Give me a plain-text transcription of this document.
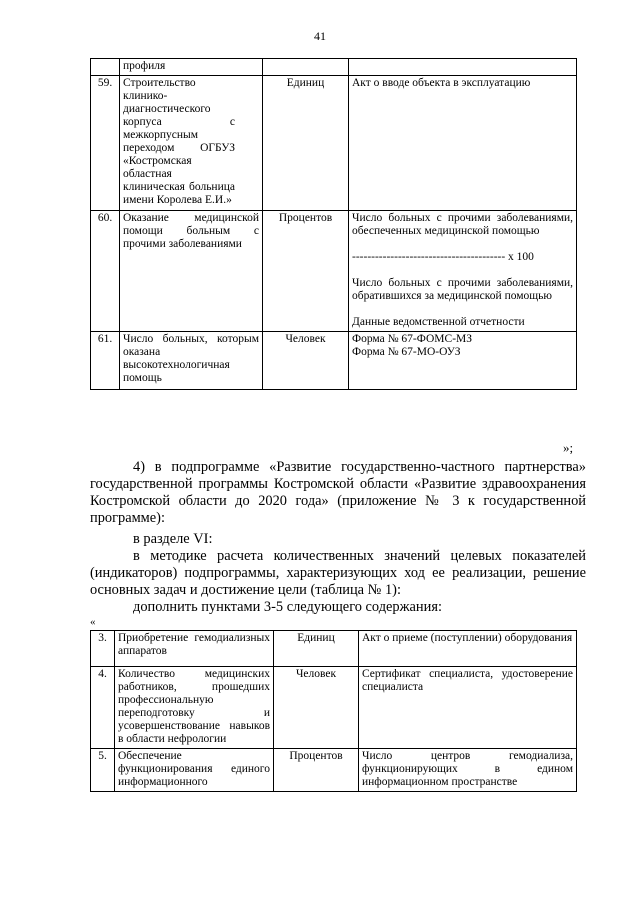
41
	профиля		
59.	Строительство клинико-диагностического корпуса с межкорпусным переходом ОГБУЗ «Костромская областная клиническая больница имени Королева Е.И.»	Единиц	Акт о вводе объекта в эксплуатацию

60.	Оказание медицинской помощи больным с прочими заболеваниями	Процентов	Число больных с прочими заболеваниями, обеспеченных медицинской помощью
---------------------------------------- x 100
Число больных с прочими заболеваниями, обратившихся за медицинской помощью
Данные ведомственной отчетности

61.	Число больных, которым оказана высокотехнологичная помощь	Человек	Форма № 67-ФОМС-МЗ
Форма № 67-МО-ОУЗ
»;
4) в подпрограмме «Развитие государственно-частного партнерства» государственной программы Костромской области «Развитие здравоохранения Костромской области до 2020 года» (приложение № 3 к государственной программе):
в разделе VI:
в методике расчета количественных значений целевых показателей (индикаторов) подпрограммы, характеризующих ход ее реализации, решение основных задач и достижение цели (таблица № 1):
дополнить пунктами 3-5 следующего содержания:
«
3.	Приобретение гемодиализных аппаратов	Единиц	Акт о приеме (поступлении) оборудования
4.	Количество медицинских работников, прошедших профессиональную переподготовку и усовершенствование навыков в области нефрологии	Человек	Сертификат специалиста, удостоверение специалиста
5.	Обеспечение функционирования единого информационного	Процентов	Число центров гемодиализа, функционирующих в едином информационном пространстве
